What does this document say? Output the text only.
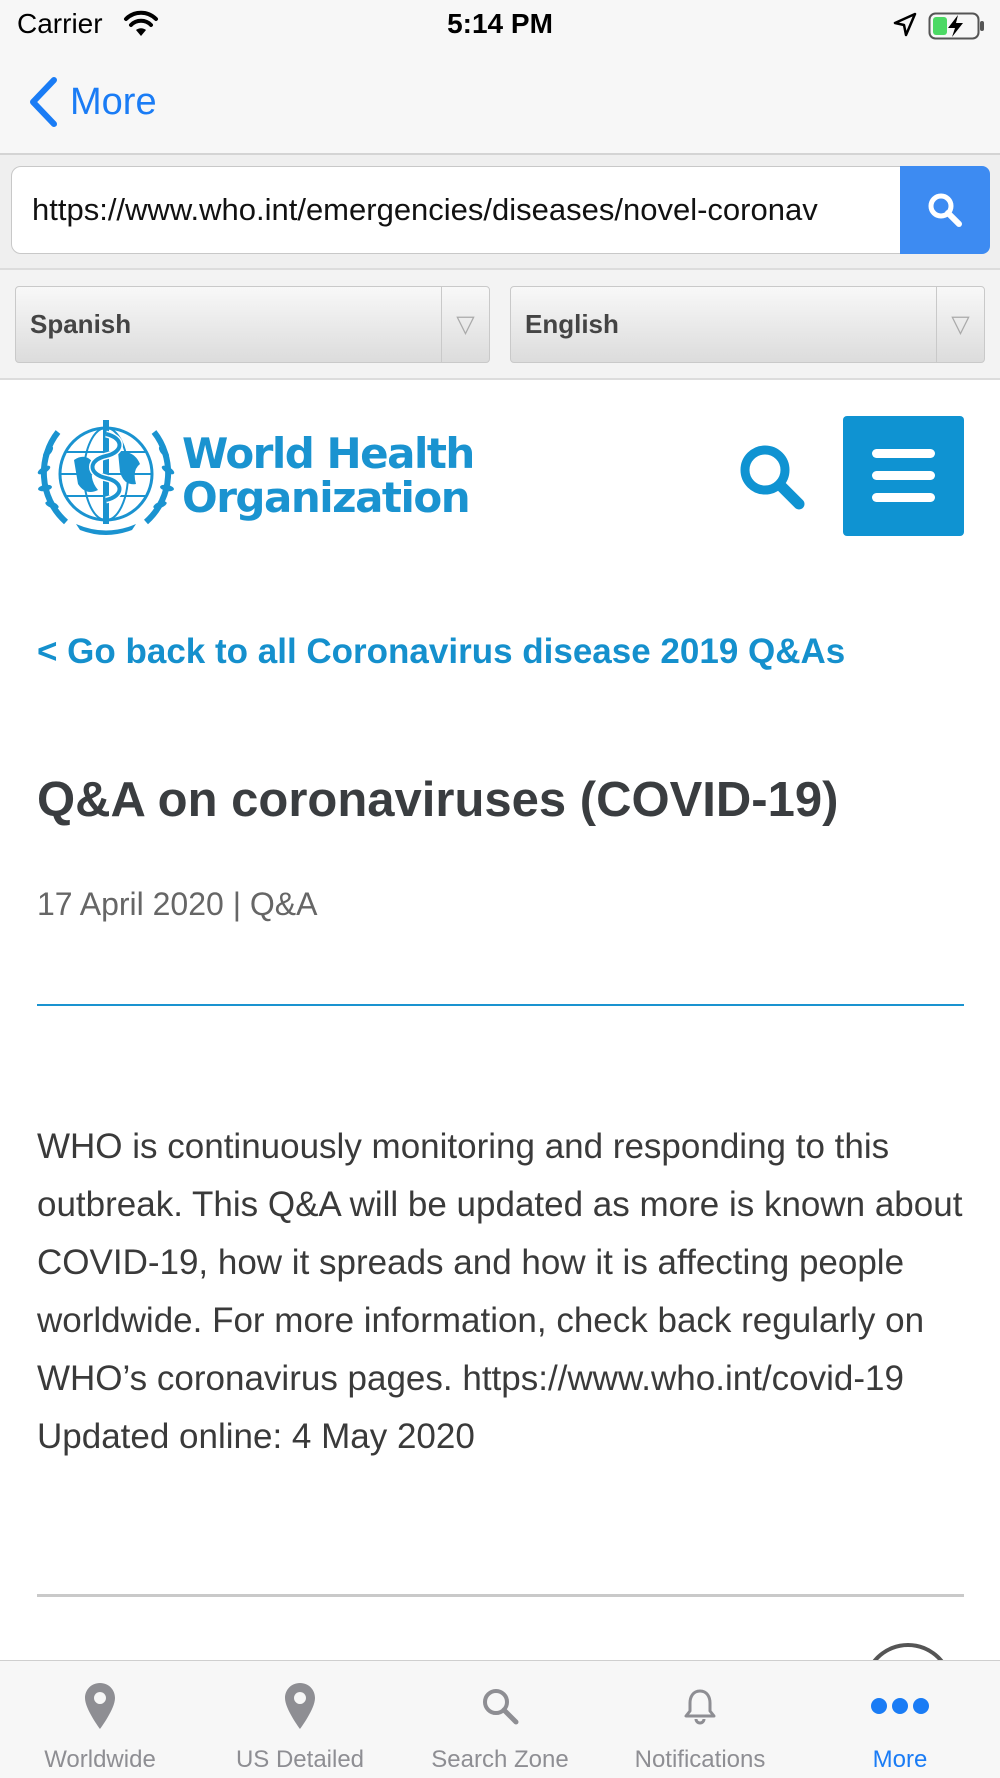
Carrier	5:14 PM
More
https://www.who.int/emergencies/diseases/novel-coronav
Spanish	▽	English	▽
World Health
Organization
< Go back to all Coronavirus disease 2019 Q&As
Q&A on coronaviruses (COVID-19)
17 April 2020 | Q&A

WHO is continuously monitoring and responding to this outbreak. This Q&A will be updated as more is known about COVID-19, how it spreads and how it is affecting people worldwide. For more information, check back regularly on WHO’s coronavirus pages. https://www.who.int/covid-19 Updated online: 4 May 2020

Worldwide	US Detailed	Search Zone	Notifications	More
